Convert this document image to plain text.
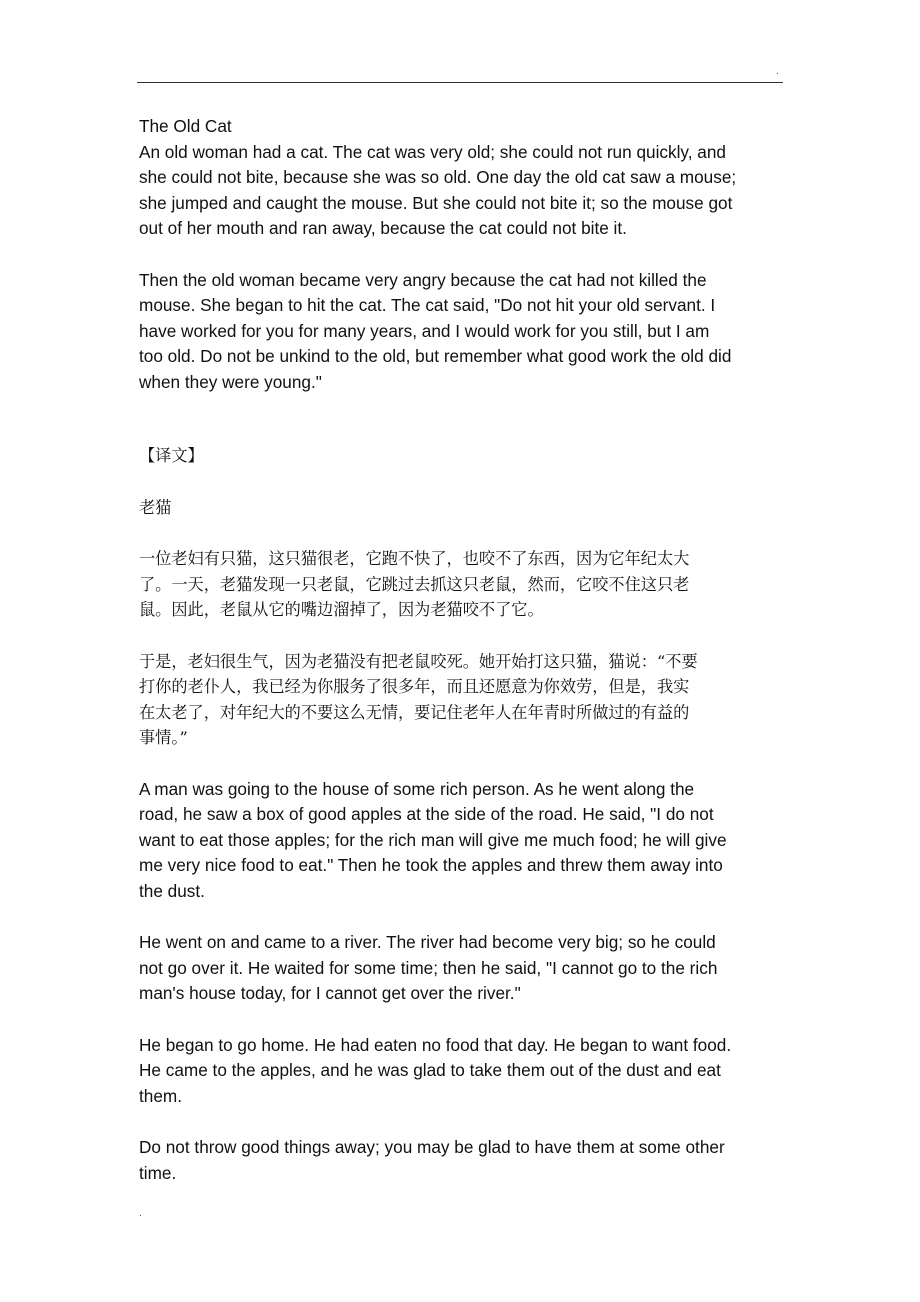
.

The Old Cat

An old woman had a cat. The cat was very old; she could not run quickly, and
she could not bite, because she was so old. One day the old cat saw a mouse;
she jumped and caught the mouse. But she could not bite it; so the mouse got
out of her mouth and ran away, because the cat could not bite it.

Then the old woman became very angry because the cat had not killed the
mouse. She began to hit the cat. The cat said, "Do not hit your old servant. I
have worked for you for many years, and I would work for you still, but I am
too old. Do not be unkind to the old, but remember what good work the old did
when they were young."

【译文】

老猫

一位老妇有只猫，这只猫很老，它跑不快了，也咬不了东西，因为它年纪太大
了。一天，老猫发现一只老鼠，它跳过去抓这只老鼠，然而，它咬不住这只老
鼠。因此，老鼠从它的嘴边溜掉了，因为老猫咬不了它。

于是，老妇很生气，因为老猫没有把老鼠咬死。她开始打这只猫，猫说：“不要
打你的老仆人，我已经为你服务了很多年，而且还愿意为你效劳，但是，我实
在太老了，对年纪大的不要这么无情，要记住老年人在年青时所做过的有益的
事情。”

A man was going to the house of some rich person. As he went along the
road, he saw a box of good apples at the side of the road. He said, "I do not
want to eat those apples; for the rich man will give me much food; he will give
me very nice food to eat." Then he took the apples and threw them away into
the dust.

He went on and came to a river. The river had become very big; so he could
not go over it. He waited for some time; then he said, "I cannot go to the rich
man's house today, for I cannot get over the river."

He began to go home. He had eaten no food that day. He began to want food.
He came to the apples, and he was glad to take them out of the dust and eat
them.

Do not throw good things away; you may be glad to have them at some other
time.

.
